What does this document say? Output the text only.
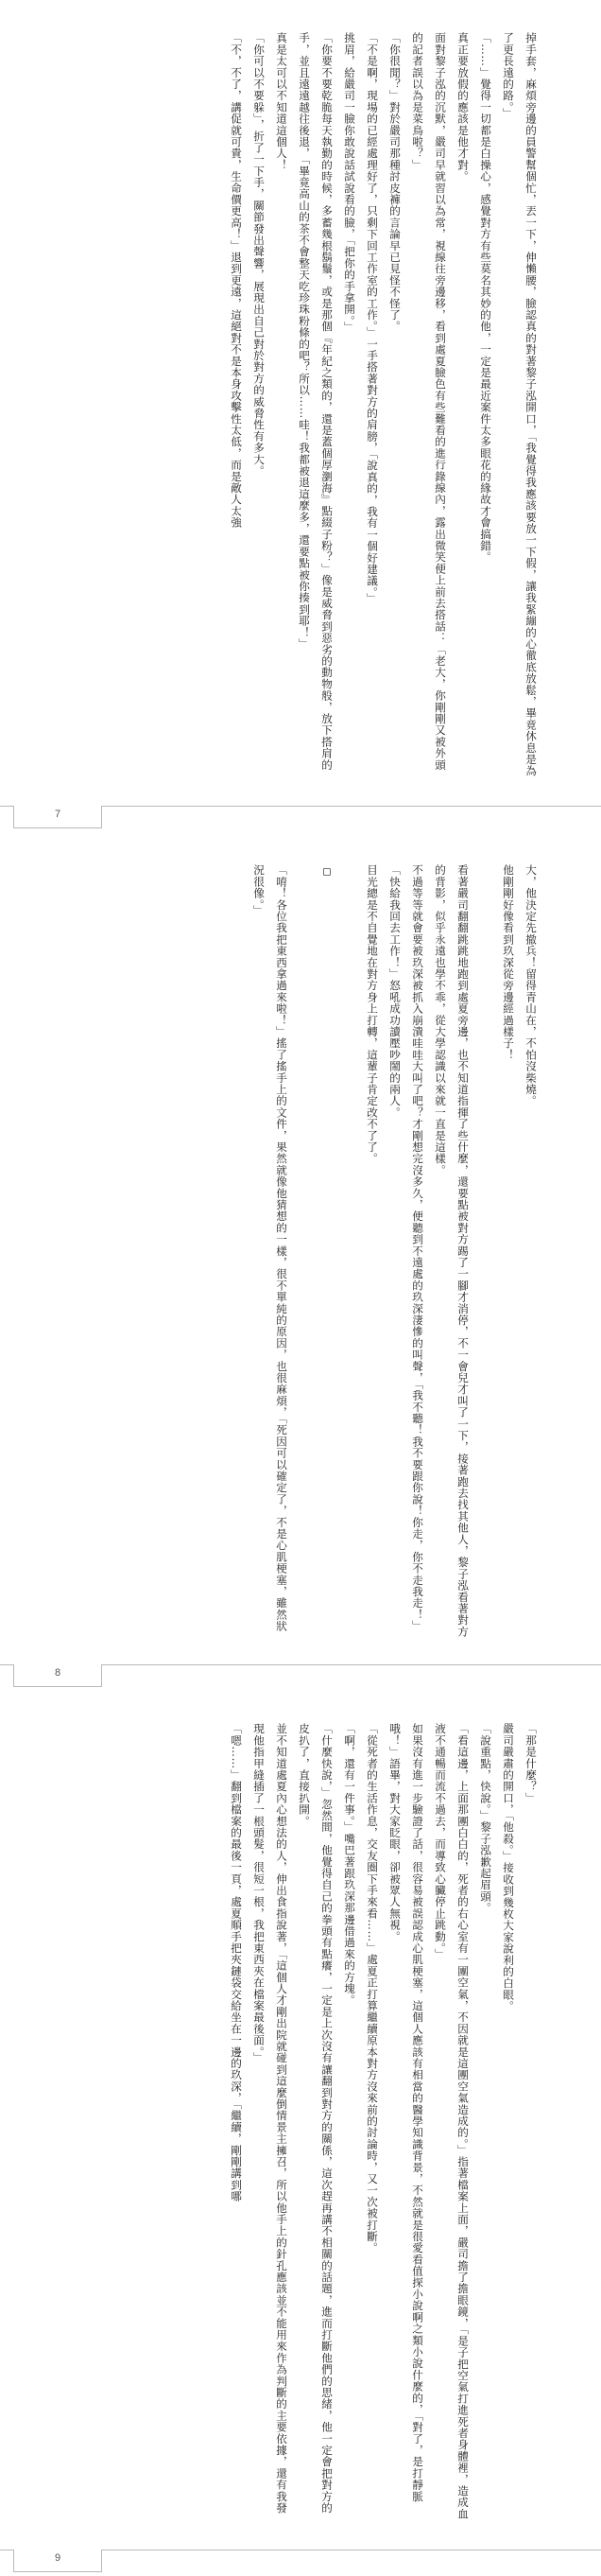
掉手套，麻煩旁邊的員警幫個忙，丟一下，伸懶腰，臉認真的對著黎子泓開口，「我覺得我應該要放一下假，讓我緊繃的心徹底放鬆，畢竟休息是為了更長遠的路。」

「……」覺得一切都是白操心，感覺對方有些莫名其妙的他，一定是最近案件太多眼花的緣故才會搞錯。

真正要放假的應該是他才對。

面對黎子泓的沉默，嚴司早就習以為常，視線往旁邊移，看到處夏臉色有些難看的進行錄線內，露出微笑便上前去搭話：「老大，你剛剛又被外頭的記者誤以為是菜鳥啦？」

「你很閒？」對於嚴司那種討皮褲的言論早已見怪不怪了。

「不是啊，現場的已經處理好了，只剩下回工作室的工作。」一手搭著對方的肩膀，「說真的，我有一個好建議。」

挑眉，給嚴司一臉你敢說話試說看的臉，「把你的手拿開。」

「你要不要乾脆每天執勤的時候，多蓄幾根鬍鬚，或是那個『年紀之類的，還是蓋個厚瀏海』點綴子粉？」像是威脅到惡劣的動物般，放下搭肩的手，並且遠遠越往後退，「畢竟高山的茶不會整天吃珍珠粉條的吧？所以……哇！我都被退這麼多，還要點被你揍到耶！」

真是太可以不知道這個人！

「你可以不要躲」，折了一下手，關節發出聲響，展現出自己對於對方的威脅性有多大。

「不，不了，講促就可貴，生命價更高！」退到更遠，這絕對不是本身攻擊性太低，而是敵人太強

7

大，他決定先撤兵！留得青山在，不怕沒柴燒。

他剛剛好像看到玖深從旁邊經過樣子！

看著嚴司翻翻跳跳地跑到處夏旁邊，也不知道指揮了些什麼，還要點被對方踢了一腳才消停，不一會兒才叫了一下，接著跑去找其他人，黎子泓看著對方的背影，似乎永遠也學不乖，從大學認識以來就一直是這樣。

不過等等就會要被玖深被抓入崩潰哇哇大叫了吧？才剛想完沒多久，便聽到不遠處的玖深淒慘的叫聲，「我不聽！我不要跟你說！你走，你不走我走！」

「快給我回去工作！」怒吼成功讀壓吵鬧的兩人。

目光總是不自覺地在對方身上打轉，這輩子肯定改不了了。

◻

「唷！各位我把東西拿過來啦！」搖了搖手上的文件，果然就像他猜想的一樣，很不單純的原因，也很麻煩，「死因可以確定了，不是心肌梗塞，雖然狀況很像。」

8

「那是什麼？」

嚴司嚴肅的開口，「他殺。」接收到幾枚大家說利的白眼。

「說重點，快說。」黎子泓歉起眉頭。

「看這邊，上面那團白白的，死者的右心室有一團空氣，不因就是這團空氣造成的。」指著檔案上面，嚴司擔了擔眼鏡，「是子把空氣打進死者身體裡，造成血液不通暢而流不過去，而導致心臟停止跳動。」

如果沒有進一步驗證了話，很容易被誤認成心肌梗塞，這個人應該有相當的醫學知識背景，不然就是很愛看值探小說啊之類小說什麼的，「對了，是打靜脈哦！」語畢，對大家眨眼，卻被眾人無視。

「從死者的生活作息，交友圈下手來看……」處夏正打算繼續原本對方沒來前的討論時，又一次被打斷。

「啊，還有一件事。」嘴巴著跟玖深那邊借過來的方塊。

「什麼快說，」忽然間，他覺得自己的拳頭有點癢，一定是上次沒有讓翻到對方的關係，這次趕再講不相關的話題，進而打斷他們的思緒，他一定會把對方的皮扒了，直接扒開。

並不知道處夏內心想法的人，伸出食指說著，「這個人才剛出院就碰到這麼倒情景主擁召，所以他手上的針孔應該並不能用來作為判斷的主要依據，還有我發現他指甲縫插了一根頭髮，很短一根，我把東西夾在檔案最後面。」

「嗯……」翻到檔案的最後一頁，處夏順手把夾鏈袋交給坐在一邊的玖深，「繼續，剛剛講到哪

9
